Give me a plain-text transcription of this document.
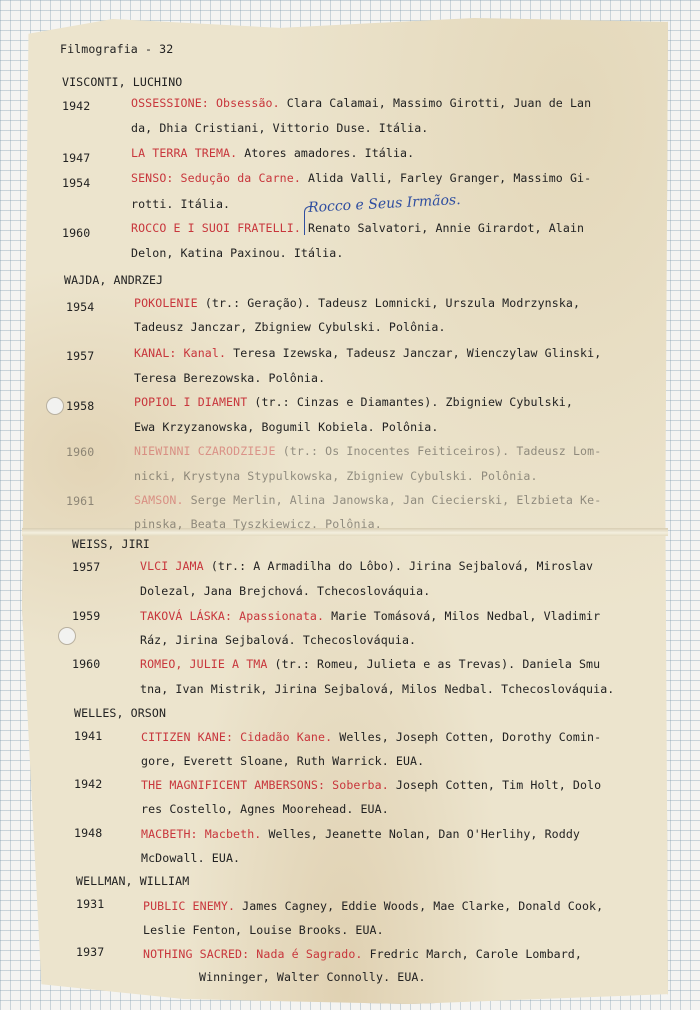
Filmografia - 32
Rocco e Seus Irmãos.
VISCONTI, LUCHINO
1942	OSSESSIONE: Obsessão. Clara Calamai, Massimo Girotti, Juan de Lan
da, Dhia Cristiani, Vittorio Duse. Itália.
1947	LA TERRA TREMA. Atores amadores. Itália.
1954	SENSO: Sedução da Carne. Alida Valli, Farley Granger, Massimo Gi-
rotti. Itália.
1960	ROCCO E I SUOI FRATELLI. Renato Salvatori, Annie Girardot, Alain
Delon, Katina Paxinou. Itália.
WAJDA, ANDRZEJ
1954	POKOLENIE (tr.: Geração). Tadeusz Lomnicki, Urszula Modrzynska,
Tadeusz Janczar, Zbigniew Cybulski. Polônia.
1957	KANAL: Kanal. Teresa Izewska, Tadeusz Janczar, Wienczylaw Glinski,
Teresa Berezowska. Polônia.
1958	POPIOL I DIAMENT (tr.: Cinzas e Diamantes). Zbigniew Cybulski,
Ewa Krzyzanowska, Bogumil Kobiela. Polônia.
1960	NIEWINNI CZARODZIEJE (tr.: Os Inocentes Feiticeiros). Tadeusz Lom-
nicki, Krystyna Stypulkowska, Zbigniew Cybulski. Polônia.
1961	SAMSON. Serge Merlin, Alina Janowska, Jan Ciecierski, Elzbieta Ke-
pinska, Beata Tyszkiewicz. Polônia.
WEISS, JIRI
1957	VLCI JAMA (tr.: A Armadilha do Lôbo). Jirina Sejbalová, Miroslav
Dolezal, Jana Brejchová. Tchecoslováquia.
1959	TAKOVÁ LÁSKA: Apassionata. Marie Tomásová, Milos Nedbal, Vladimir
Ráz, Jirina Sejbalová. Tchecoslováquia.
1960	ROMEO, JULIE A TMA (tr.: Romeu, Julieta e as Trevas). Daniela Smu
tna, Ivan Mistrik, Jirina Sejbalová, Milos Nedbal. Tchecoslováquia.
WELLES, ORSON
1941	CITIZEN KANE: Cidadão Kane. Welles, Joseph Cotten, Dorothy Comin-
gore, Everett Sloane, Ruth Warrick. EUA.
1942	THE MAGNIFICENT AMBERSONS: Soberba. Joseph Cotten, Tim Holt, Dolo
res Costello, Agnes Moorehead. EUA.
1948	MACBETH: Macbeth. Welles, Jeanette Nolan, Dan O'Herlihy, Roddy
McDowall. EUA.
WELLMAN, WILLIAM
1931	PUBLIC ENEMY. James Cagney, Eddie Woods, Mae Clarke, Donald Cook,
Leslie Fenton, Louise Brooks. EUA.
1937	NOTHING SACRED: Nada é Sagrado. Fredric March, Carole Lombard,
Winninger, Walter Connolly. EUA.
